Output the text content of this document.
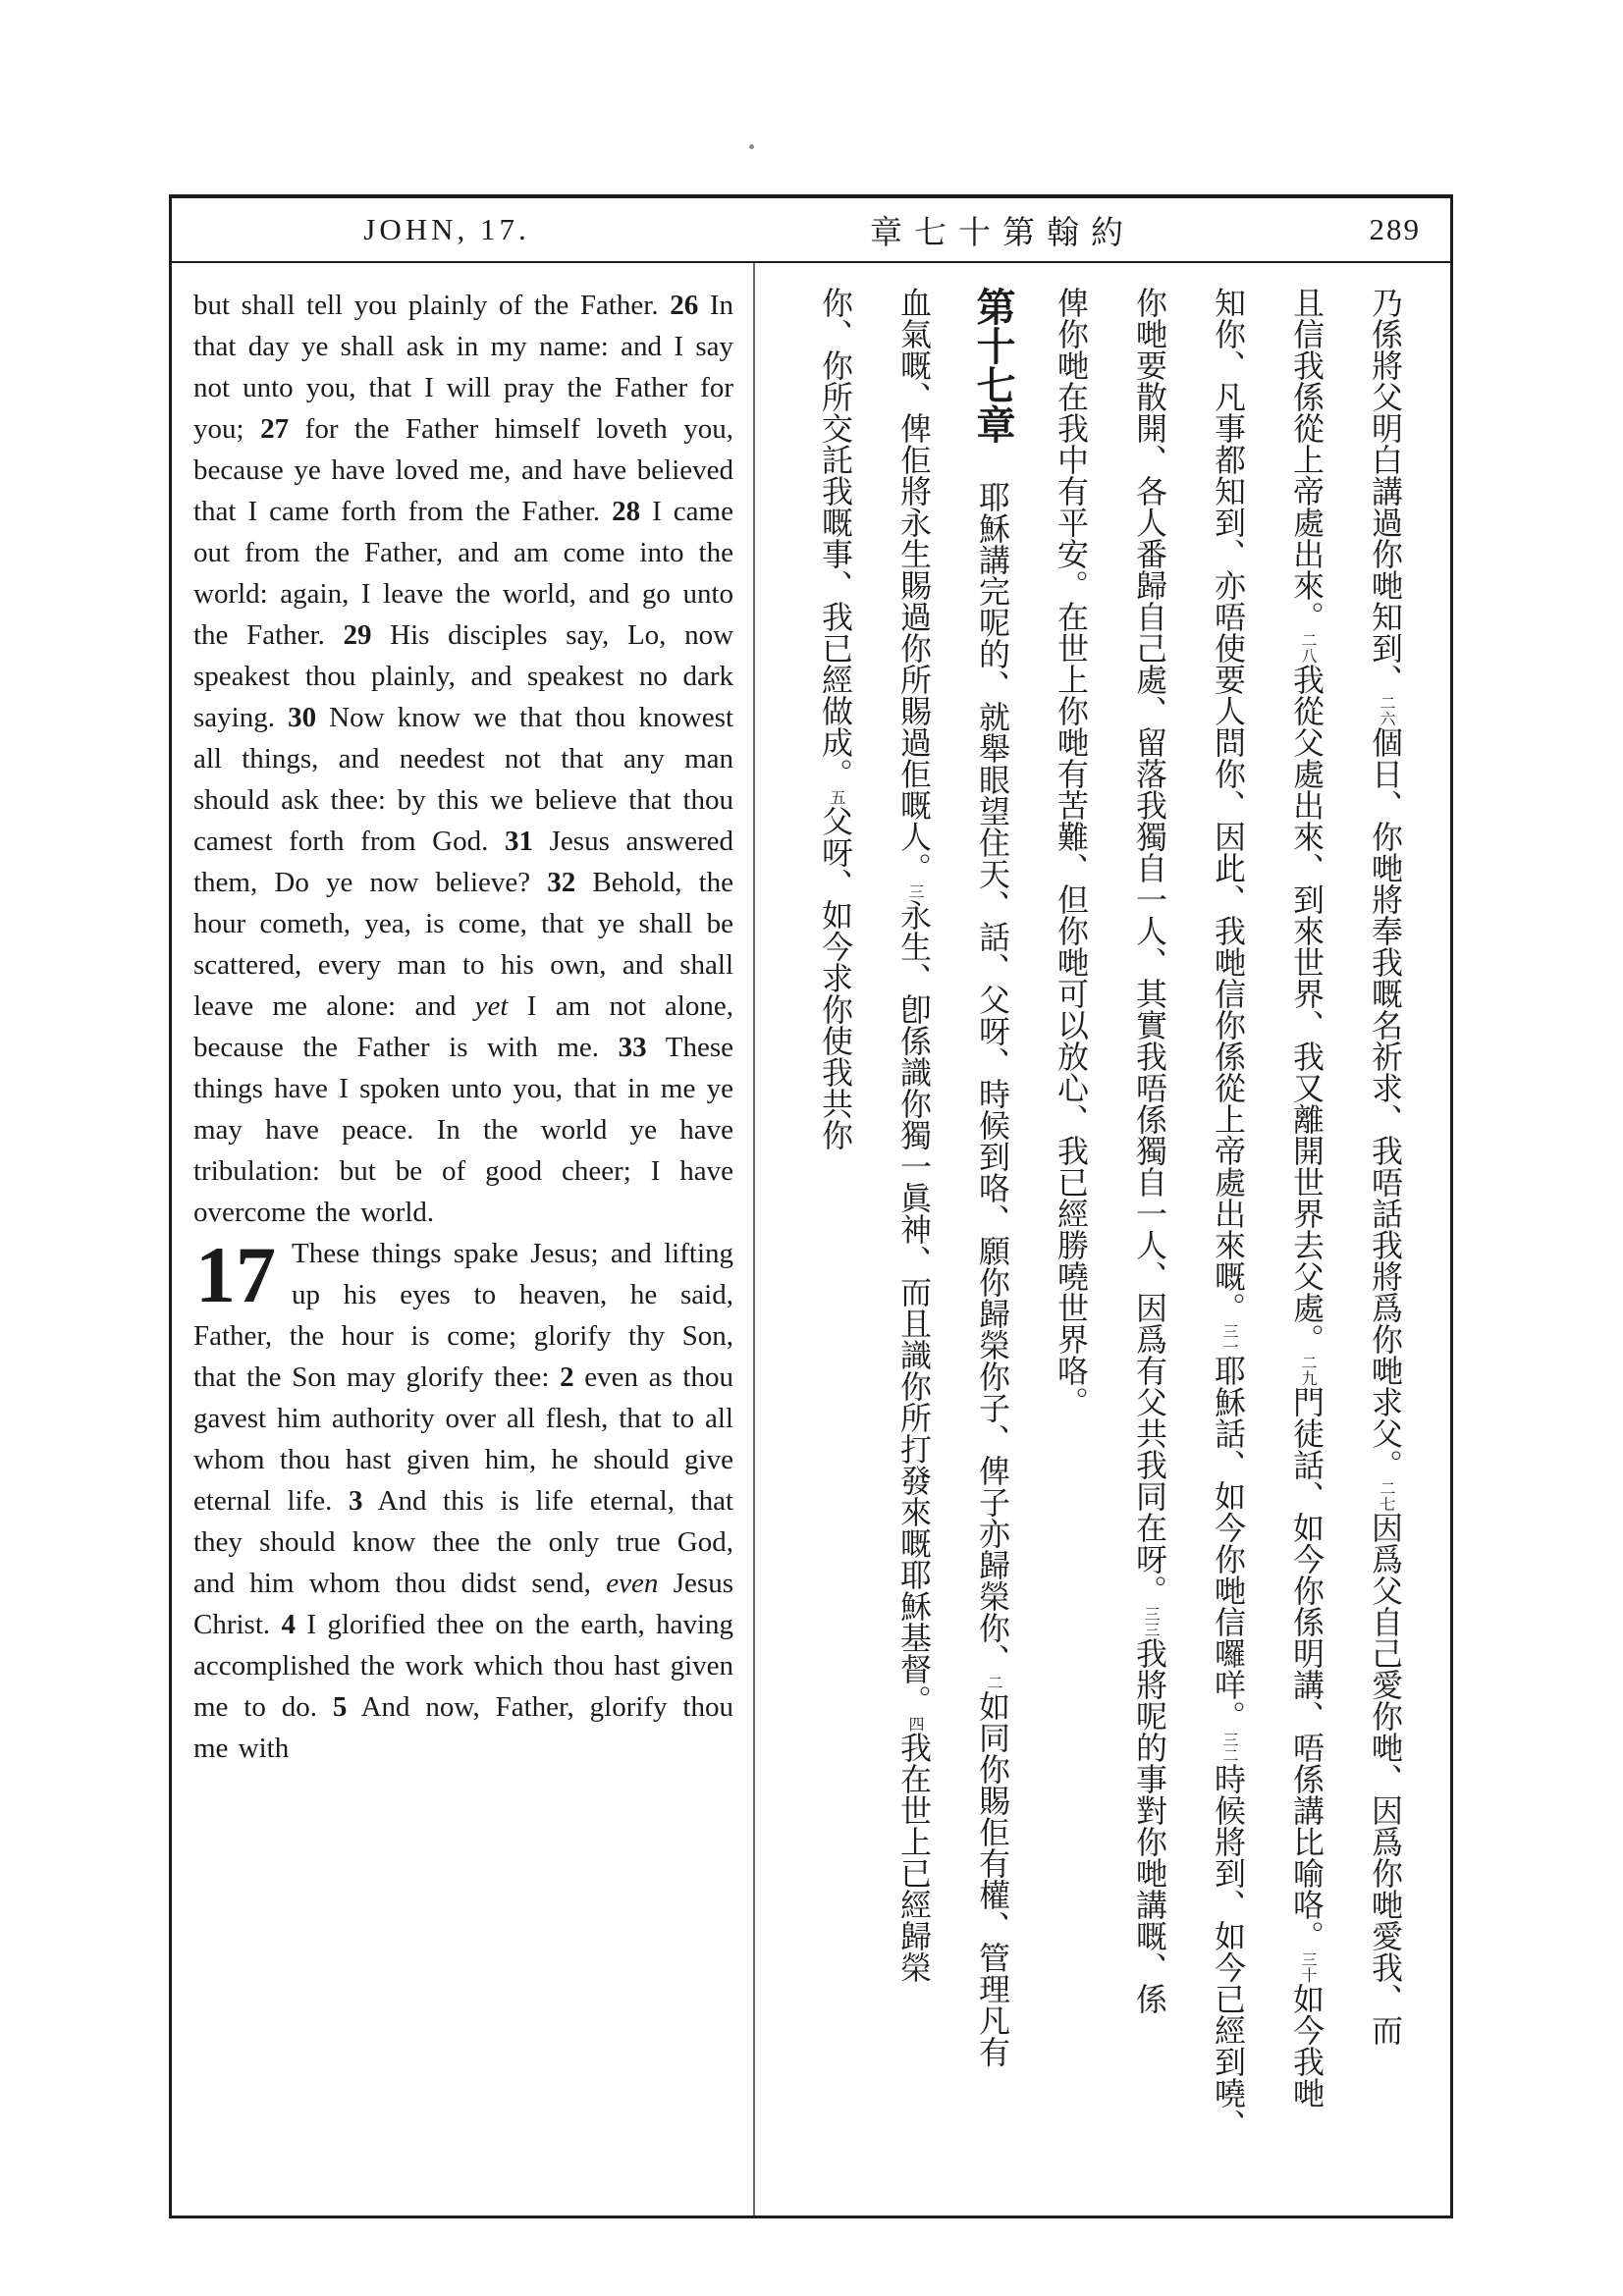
JOHN, 17.	章七十第翰約	289

but shall tell you plainly of the Father. 26 In that day ye shall ask in my name: and I say not unto you, that I will pray the Father for you; 27 for the Father himself loveth you, because ye have loved me, and have believed that I came forth from the Father. 28 I came out from the Father, and am come into the world: again, I leave the world, and go unto the Father. 29 His disciples say, Lo, now speakest thou plainly, and speakest no dark saying. 30 Now know we that thou knowest all things, and needest not that any man should ask thee: by this we believe that thou camest forth from God. 31 Jesus answered them, Do ye now believe? 32 Behold, the hour cometh, yea, is come, that ye shall be scattered, every man to his own, and shall leave me alone: and yet I am not alone, because the Father is with me. 33 These things have I spoken unto you, that in me ye may have peace. In the world ye have tribulation: but be of good cheer; I have overcome the world.

17 These things spake Jesus; and lifting up his eyes to heaven, he said, Father, the hour is come; glorify thy Son, that the Son may glorify thee: 2 even as thou gavest him authority over all flesh, that to all whom thou hast given him, he should give eternal life. 3 And this is life eternal, that they should know thee the only true God, and him whom thou didst send, even Jesus Christ. 4 I glorified thee on the earth, having accomplished the work which thou hast given me to do. 5 And now, Father, glorify thou me with

乃係將父明白講過你哋知到、二六個日、你哋將奉我嘅名祈求、我唔話我將爲你哋求父。二七因爲父自己愛你哋、因爲你哋愛我、而
且信我係從上帝處出來。二八我從父處出來、到來世界、我又離開世界去父處。二九門徒話、如今你係明講、唔係講比喻咯。三十如今我哋
知你、凡事都知到、亦唔使要人問你、因此、我哋信你係從上帝處出來嘅。三一耶穌話、如今你哋信囉咩。三二時候將到、如今已經到嘵、
你哋要散開、各人番歸自己處、留落我獨自一人、其實我唔係獨自一人、因爲有父共我同在呀。三三我將呢的事對你哋講嘅、係
俾你哋在我中有平安。在世上你哋有苦難、但你哋可以放心、我已經勝嘵世界咯。
第十七章耶穌講完呢的、就舉眼望住天、話、父呀、時候到咯、願你歸榮你子、俾子亦歸榮你、二如同你賜佢有權、管理凡有
血氣嘅、俾佢將永生賜過你所賜過佢嘅人。三永生、卽係識你獨一眞神、而且識你所打發來嘅耶穌基督。四我在世上已經歸榮
你、你所交託我嘅事、我已經做成。五父呀、如今求你使我共你
